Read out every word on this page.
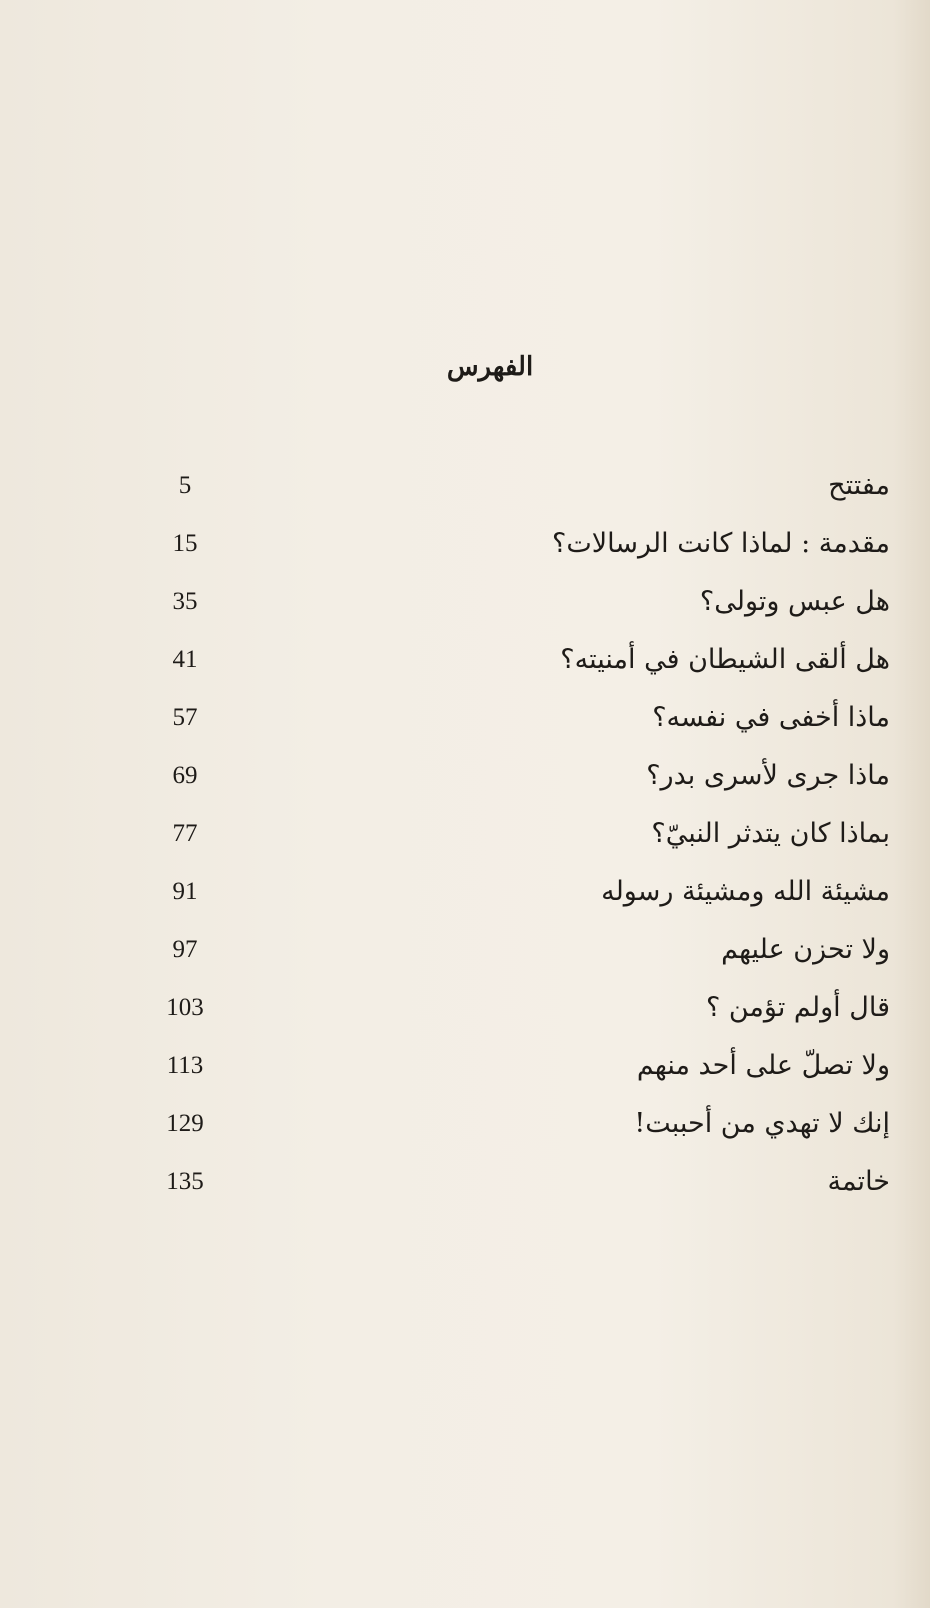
الفهرس
مفتتح
5
مقدمة : لماذا كانت الرسالات؟
15
هل عبس وتولى؟
35
هل ألقى الشيطان في أمنيته؟
41
ماذا أخفى في نفسه؟
57
ماذا جرى لأسرى بدر؟
69
بماذا كان يتدثر النبيّ؟
77
مشيئة الله ومشيئة رسوله
91
ولا تحزن عليهم
97
قال أولم تؤمن ؟
103
ولا تصلّ على أحد منهم
113
إنك لا تهدي من أحببت!
129
خاتمة
135
